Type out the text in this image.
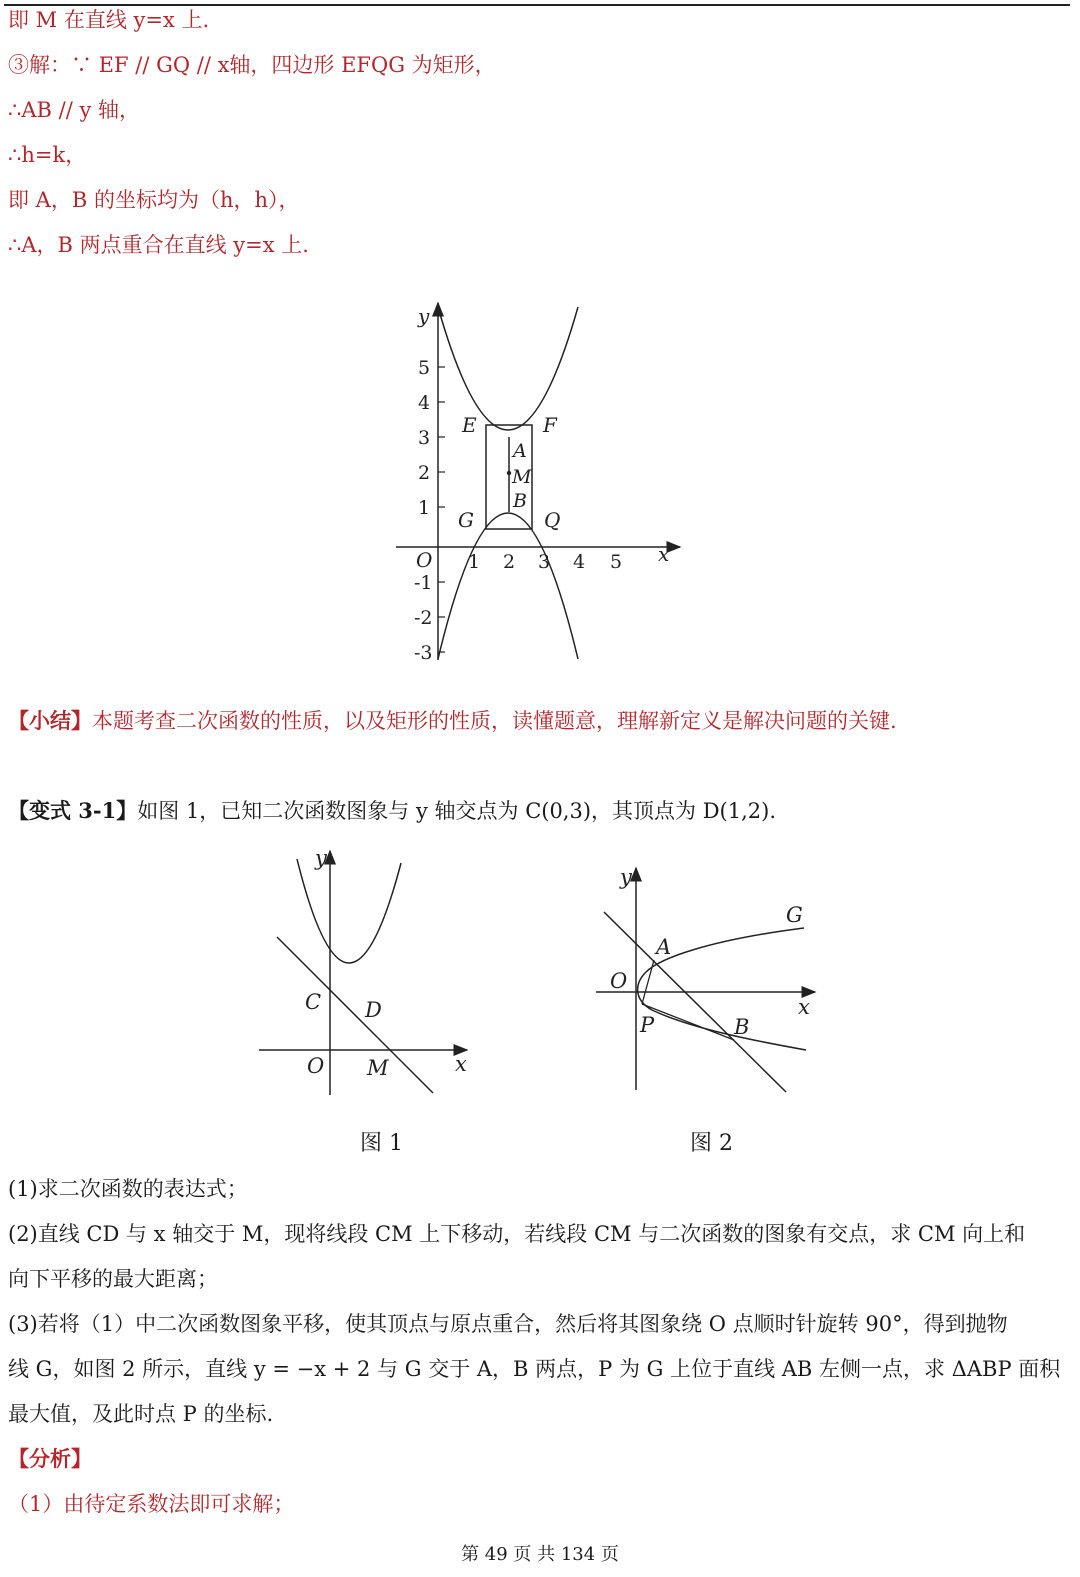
即 M 在直线 y=x 上.
③解：∵ EF // GQ // x轴，四边形 EFQG 为矩形，
∴AB // y 轴，
∴h=k，
即 A，B 的坐标均为（h，h），
∴A，B 两点重合在直线 y=x 上.
x
y
O
E	F
A
M
B
G	Q
1 2 3 4 5
5
4
3
2
1
-1
-2
-3
【小结】本题考查二次函数的性质，以及矩形的性质，读懂题意，理解新定义是解决问题的关键.
【变式 3-1】如图 1，已知二次函数图象与 y 轴交点为 C(0,3)，其顶点为 D(1,2).
y
x
O
C D
M
图 1
y
x
O
G
A
P	B
图 2
(1)求二次函数的表达式；
(2)直线 CD 与 x 轴交于 M，现将线段 CM 上下移动，若线段 CM 与二次函数的图象有交点，求 CM 向上和
向下平移的最大距离；
(3)若将（1）中二次函数图象平移，使其顶点与原点重合，然后将其图象绕 O 点顺时针旋转 90°，得到抛物
线 G，如图 2 所示，直线 y = −x + 2 与 G 交于 A，B 两点，P 为 G 上位于直线 AB 左侧一点，求 ΔABP 面积
最大值，及此时点 P 的坐标.
【分析】
（1）由待定系数法即可求解；
第 49 页 共 134 页
